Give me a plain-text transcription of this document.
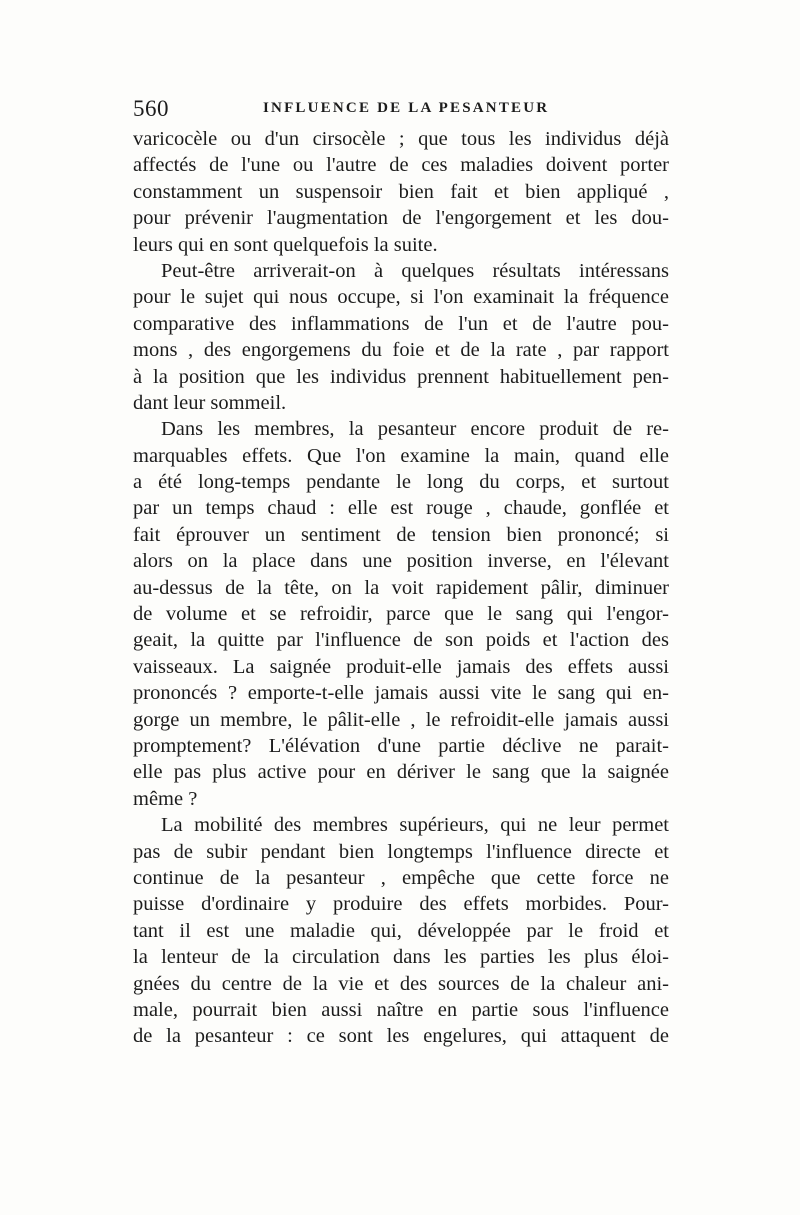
560	INFLUENCE DE LA PESANTEUR
varicocèle ou d'un cirsocèle ; que tous les individus déjà
affectés de l'une ou l'autre de ces maladies doivent porter
constamment un suspensoir bien fait et bien appliqué ,
pour prévenir l'augmentation de l'engorgement et les dou-
leurs qui en sont quelquefois la suite.
Peut-être arriverait-on à quelques résultats intéressans
pour le sujet qui nous occupe, si l'on examinait la fréquence
comparative des inflammations de l'un et de l'autre pou-
mons , des engorgemens du foie et de la rate , par rapport
à la position que les individus prennent habituellement pen-
dant leur sommeil.
Dans les membres, la pesanteur encore produit de re-
marquables effets. Que l'on examine la main, quand elle
a été long-temps pendante le long du corps, et surtout
par un temps chaud : elle est rouge , chaude, gonflée et
fait éprouver un sentiment de tension bien prononcé; si
alors on la place dans une position inverse, en l'élevant
au-dessus de la tête, on la voit rapidement pâlir, diminuer
de volume et se refroidir, parce que le sang qui l'engor-
geait, la quitte par l'influence de son poids et l'action des
vaisseaux. La saignée produit-elle jamais des effets aussi
prononcés ? emporte-t-elle jamais aussi vite le sang qui en-
gorge un membre, le pâlit-elle , le refroidit-elle jamais aussi
promptement? L'élévation d'une partie déclive ne parait-
elle pas plus active pour en dériver le sang que la saignée
même ?
La mobilité des membres supérieurs, qui ne leur permet
pas de subir pendant bien longtemps l'influence directe et
continue de la pesanteur , empêche que cette force ne
puisse d'ordinaire y produire des effets morbides. Pour-
tant il est une maladie qui, développée par le froid et
la lenteur de la circulation dans les parties les plus éloi-
gnées du centre de la vie et des sources de la chaleur ani-
male, pourrait bien aussi naître en partie sous l'influence
de la pesanteur : ce sont les engelures, qui attaquent de
